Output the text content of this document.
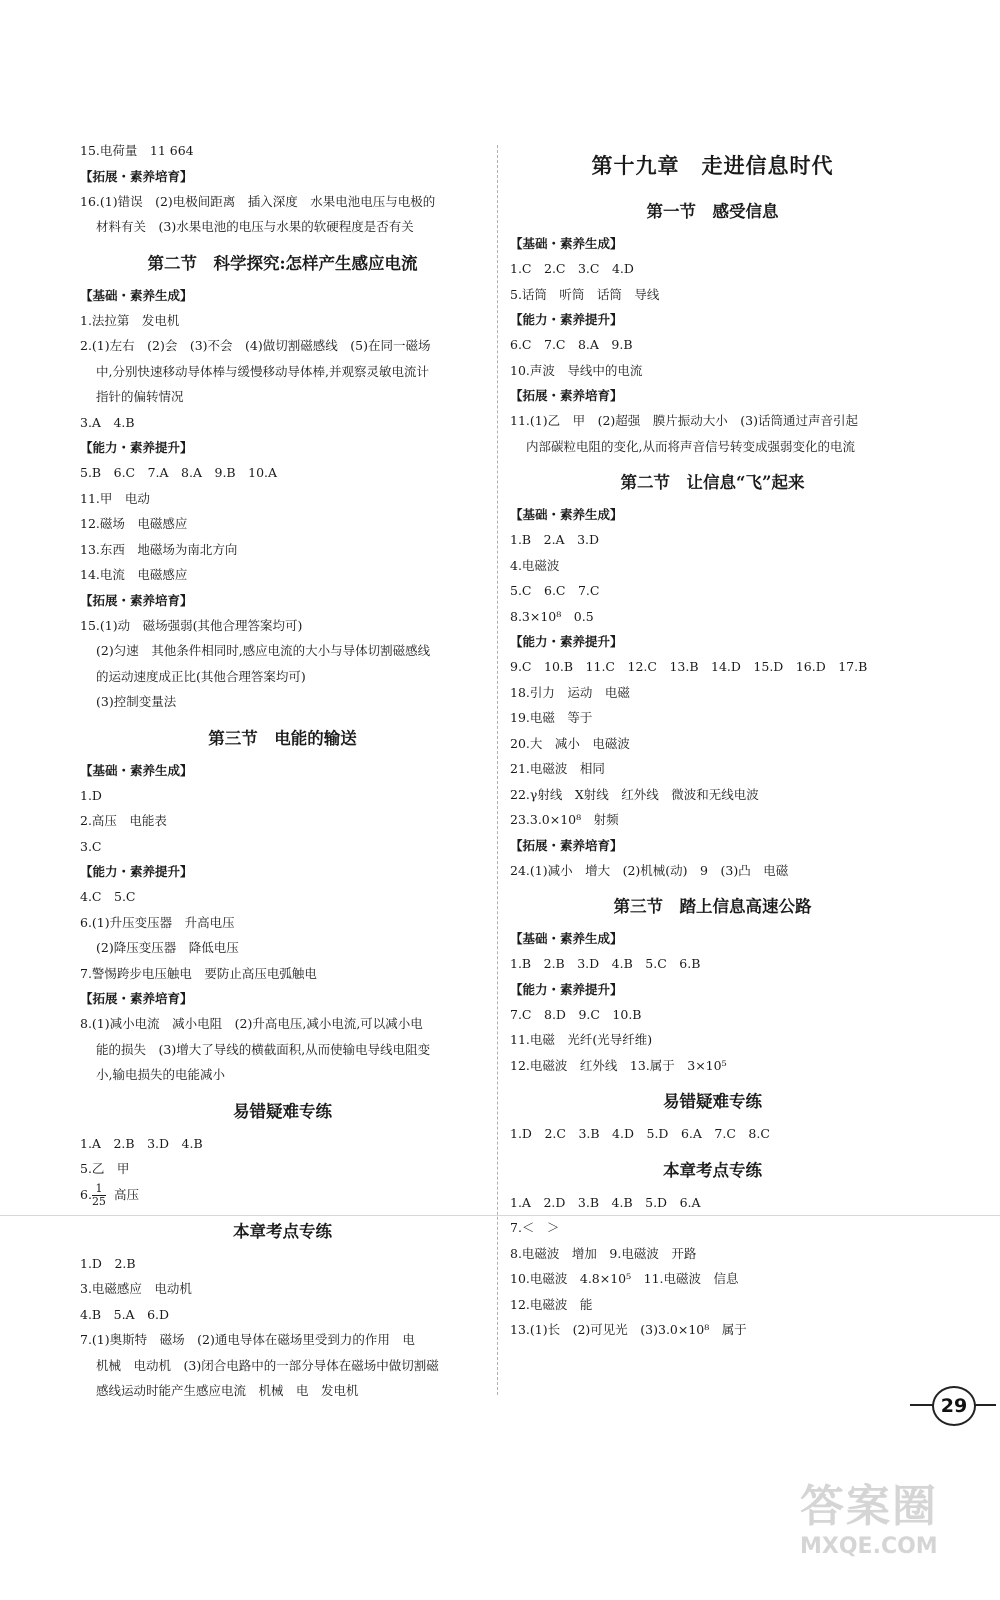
15.电荷量　11 664
【拓展・素养培育】
16.(1)错误　(2)电极间距离　插入深度　水果电池电压与电极的
材料有关　(3)水果电池的电压与水果的软硬程度是否有关
第二节　科学探究:怎样产生感应电流
【基础・素养生成】
1.法拉第　发电机
2.(1)左右　(2)会　(3)不会　(4)做切割磁感线　(5)在同一磁场
中,分别快速移动导体棒与缓慢移动导体棒,并观察灵敏电流计
指针的偏转情况
3.A　4.B
【能力・素养提升】
5.B　6.C　7.A　8.A　9.B　10.A
11.甲　电动
12.磁场　电磁感应
13.东西　地磁场为南北方向
14.电流　电磁感应
【拓展・素养培育】
15.(1)动　磁场强弱(其他合理答案均可)
(2)匀速　其他条件相同时,感应电流的大小与导体切割磁感线
的运动速度成正比(其他合理答案均可)
(3)控制变量法
第三节　电能的输送
【基础・素养生成】
1.D
2.高压　电能表
3.C
【能力・素养提升】
4.C　5.C
6.(1)升压变压器　升高电压
(2)降压变压器　降低电压
7.警惕跨步电压触电　要防止高压电弧触电
【拓展・素养培育】
8.(1)减小电流　减小电阻　(2)升高电压,减小电流,可以减小电
能的损失　(3)增大了导线的横截面积,从而使输电导线电阻变
小,输电损失的电能减小
易错疑难专练
1.A　2.B　3.D　4.B
5.乙　甲
6. $\frac{1}{25}$ 高压
本章考点专练
1.D　2.B
3.电磁感应　电动机
4.B　5.A　6.D
7.(1)奥斯特　磁场　(2)通电导体在磁场里受到力的作用　电
机械　电动机　(3)闭合电路中的一部分导体在磁场中做切割磁
感线运动时能产生感应电流　机械　电　发电机
第十九章　走进信息时代
第一节　感受信息
【基础・素养生成】
1.C　2.C　3.C　4.D
5.话筒　听筒　话筒　导线
【能力・素养提升】
6.C　7.C　8.A　9.B
10.声波　导线中的电流
【拓展・素养培育】
11.(1)乙　甲　(2)超强　膜片振动大小　(3)话筒通过声音引起
内部碳粒电阻的变化,从而将声音信号转变成强弱变化的电流
第二节　让信息“飞”起来
【基础・素养生成】
1.B　2.A　3.D
4.电磁波
5.C　6.C　7.C
8.3×10⁸　0.5
【能力・素养提升】
9.C　10.B　11.C　12.C　13.B　14.D　15.D　16.D　17.B
18.引力　运动　电磁
19.电磁　等于
20.大　减小　电磁波
21.电磁波　相同
22.γ射线　X射线　红外线　微波和无线电波
23.3.0×10⁸　射频
【拓展・素养培育】
24.(1)减小　增大　(2)机械(动)　9　(3)凸　电磁
第三节　踏上信息高速公路
【基础・素养生成】
1.B　2.B　3.D　4.B　5.C　6.B
【能力・素养提升】
7.C　8.D　9.C　10.B
11.电磁　光纤(光导纤维)
12.电磁波　红外线　13.属于　3×10⁵
易错疑难专练
1.D　2.C　3.B　4.D　5.D　6.A　7.C　8.C
本章考点专练
1.A　2.D　3.B　4.B　5.D　6.A
7.＜　＞
8.电磁波　增加　9.电磁波　开路
10.电磁波　4.8×10⁵　11.电磁波　信息
12.电磁波　能
13.(1)长　(2)可见光　(3)3.0×10⁸　属于
29
答案圈
MXQE.COM
